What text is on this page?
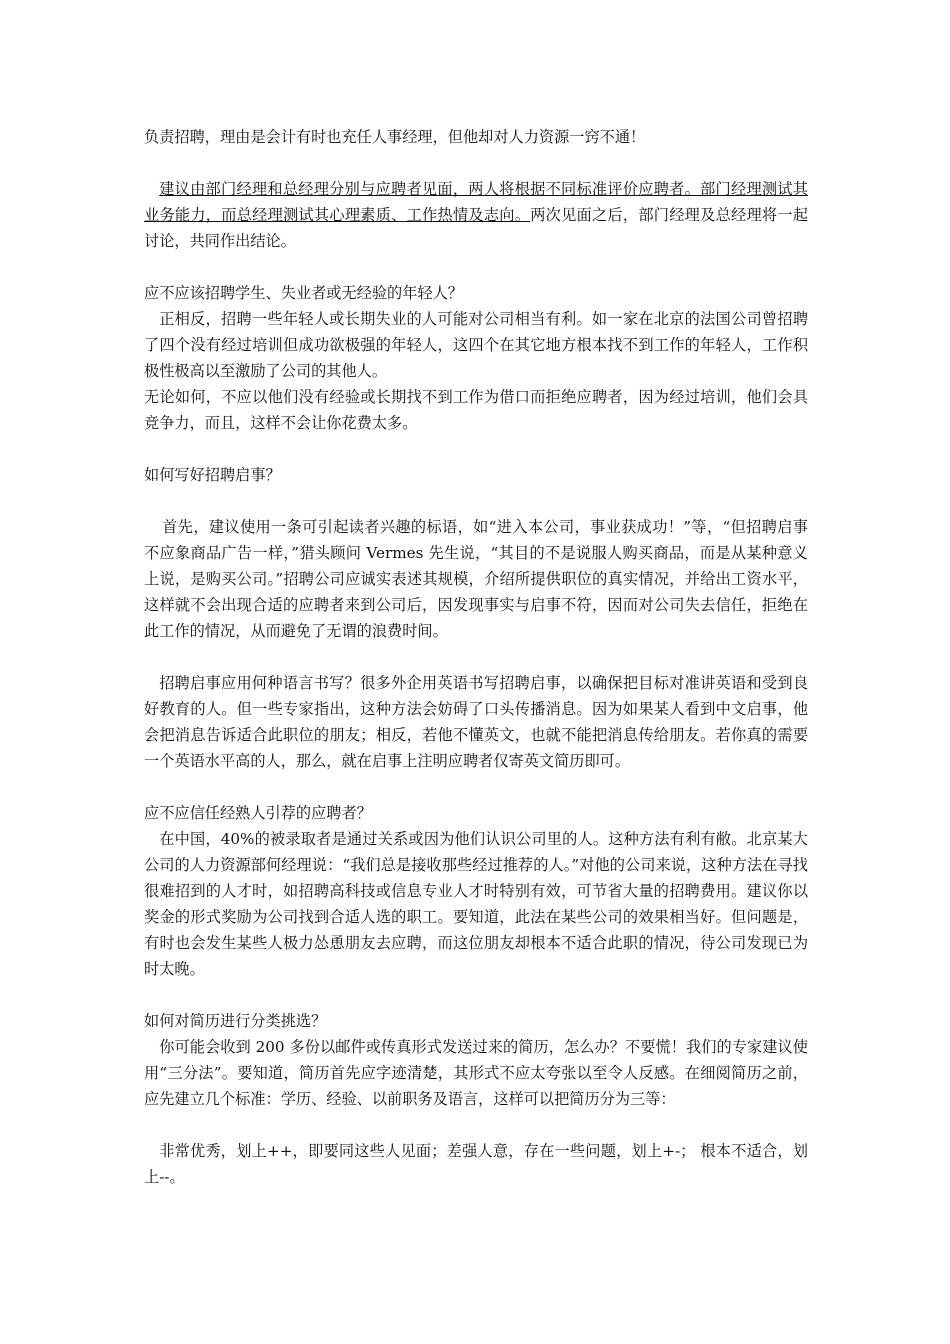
负责招聘，理由是会计有时也充任人事经理，但他却对人力资源一窍不通！

建议由部门经理和总经理分别与应聘者见面，两人将根据不同标准评价应聘者。部门经理测试其业务能力，而总经理测试其心理素质、工作热情及志向。两次见面之后，部门经理及总经理将一起讨论，共同作出结论。

应不应该招聘学生、失业者或无经验的年轻人？

正相反，招聘一些年轻人或长期失业的人可能对公司相当有利。如一家在北京的法国公司曾招聘了四个没有经过培训但成功欲极强的年轻人，这四个在其它地方根本找不到工作的年轻人，工作积极性极高以至激励了公司的其他人。

无论如何，不应以他们没有经验或长期找不到工作为借口而拒绝应聘者，因为经过培训，他们会具竞争力，而且，这样不会让你花费太多。

如何写好招聘启事？

首先，建议使用一条可引起读者兴趣的标语，如“进入本公司，事业获成功！”等，“但招聘启事不应象商品广告一样，”猎头顾问 Vermes 先生说，“其目的不是说服人购买商品，而是从某种意义上说，是购买公司。”招聘公司应诚实表述其规模，介绍所提供职位的真实情况，并给出工资水平，这样就不会出现合适的应聘者来到公司后，因发现事实与启事不符，因而对公司失去信任，拒绝在此工作的情况，从而避免了无谓的浪费时间。

招聘启事应用何种语言书写？很多外企用英语书写招聘启事，以确保把目标对准讲英语和受到良好教育的人。但一些专家指出，这种方法会妨碍了口头传播消息。因为如果某人看到中文启事，他会把消息告诉适合此职位的朋友；相反，若他不懂英文，也就不能把消息传给朋友。若你真的需要一个英语水平高的人，那么，就在启事上注明应聘者仅寄英文简历即可。

应不应信任经熟人引荐的应聘者？

在中国，40%的被录取者是通过关系或因为他们认识公司里的人。这种方法有利有敝。北京某大公司的人力资源部何经理说：“我们总是接收那些经过推荐的人。”对他的公司来说，这种方法在寻找很难招到的人才时，如招聘高科技或信息专业人才时特别有效，可节省大量的招聘费用。建议你以奖金的形式奖励为公司找到合适人选的职工。要知道，此法在某些公司的效果相当好。但问题是，有时也会发生某些人极力怂恿朋友去应聘，而这位朋友却根本不适合此职的情况，待公司发现已为时太晚。

如何对简历进行分类挑选？

你可能会收到 200 多份以邮件或传真形式发送过来的简历，怎么办？不要慌！我们的专家建议使用“三分法”。要知道，简历首先应字迹清楚，其形式不应太夸张以至令人反感。在细阅简历之前，应先建立几个标准：学历、经验、以前职务及语言，这样可以把简历分为三等：

非常优秀，划上++，即要同这些人见面；差强人意，存在一些问题，划上+-； 根本不适合，划上--。
